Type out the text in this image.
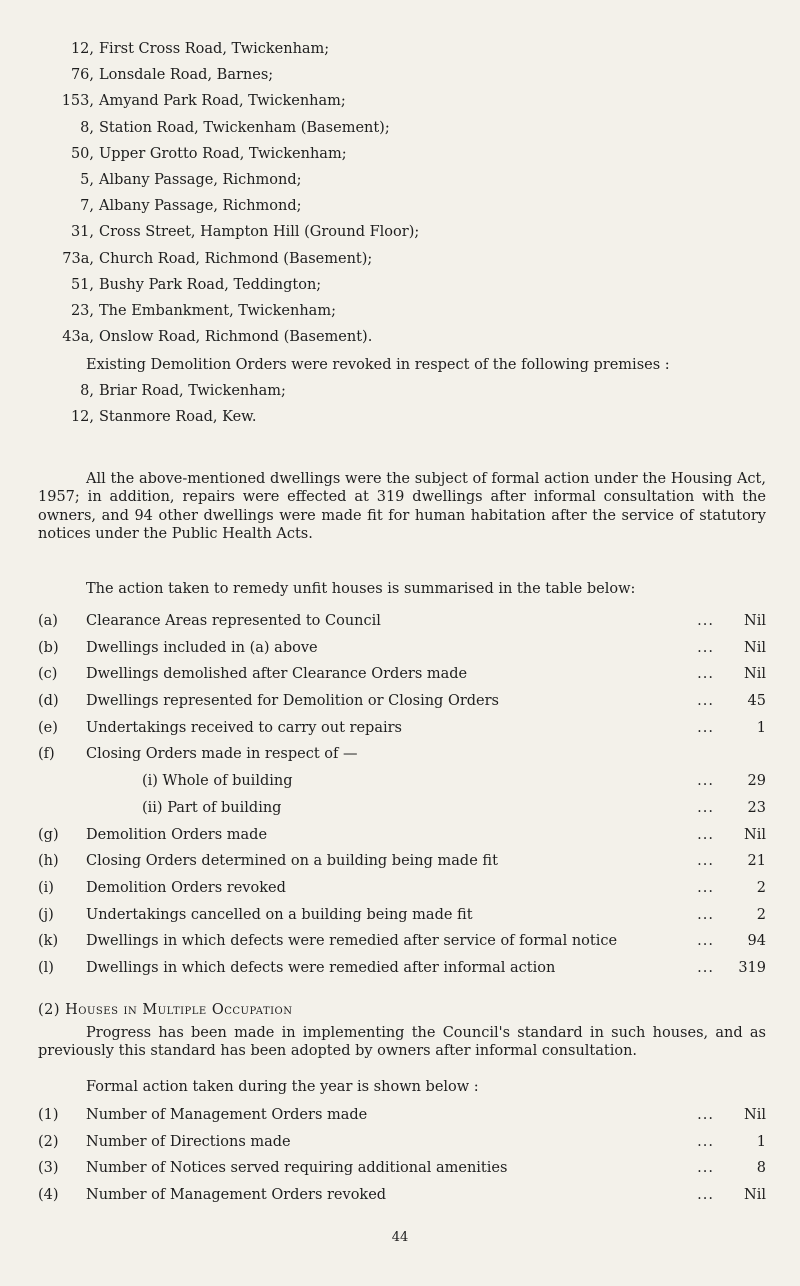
12, First Cross Road, Twickenham;
76, Lonsdale Road, Barnes;
153, Amyand Park Road, Twickenham;
8, Station Road, Twickenham (Basement);
50, Upper Grotto Road, Twickenham;
5, Albany Passage, Richmond;
7, Albany Passage, Richmond;
31, Cross Street, Hampton Hill (Ground Floor);
73a, Church Road, Richmond (Basement);
51, Bushy Park Road, Teddington;
23, The Embankment, Twickenham;
43a, Onslow Road, Richmond (Basement).
Existing Demolition Orders were revoked in respect of the following premises :
8, Briar Road, Twickenham;
12, Stanmore Road, Kew.
All the above-mentioned dwellings were the subject of formal action under the Housing Act, 1957; in addition, repairs were effected at 319 dwellings after informal consultation with the owners, and 94 other dwellings were made fit for human habitation after the service of statutory notices under the Public Health Acts.
The action taken to remedy unfit houses is summarised in the table below:
(a)	Clearance Areas represented to Council	Nil
...
(b)	Dwellings included in (a) above	Nil
...
(c)	Dwellings demolished after Clearance Orders made	Nil
...
(d)	Dwellings represented for Demolition or Closing Orders	45
...
(e)	Undertakings received to carry out repairs	1
...
(f)	Closing Orders made in respect of —
(i) Whole of building	29
...
(ii) Part of building	23
...
(g)	Demolition Orders made	Nil
...
(h)	Closing Orders determined on a building being made fit	21
...
(i)	Demolition Orders revoked	2
...
(j)	Undertakings cancelled on a building being made fit	2
...
(k)	Dwellings in which defects were remedied after service of formal notice	94
...
(l)	Dwellings in which defects were remedied after informal action	319
...
(2) Houses in Multiple Occupation
Progress has been made in implementing the Council's standard in such houses, and as previously this standard has been adopted by owners after informal consultation.
Formal action taken during the year is shown below :
(1)	Number of Management Orders made	Nil
...
(2)	Number of Directions made	1
...
(3)	Number of Notices served requiring additional amenities	8
...
(4)	Number of Management Orders revoked	Nil
...
44
